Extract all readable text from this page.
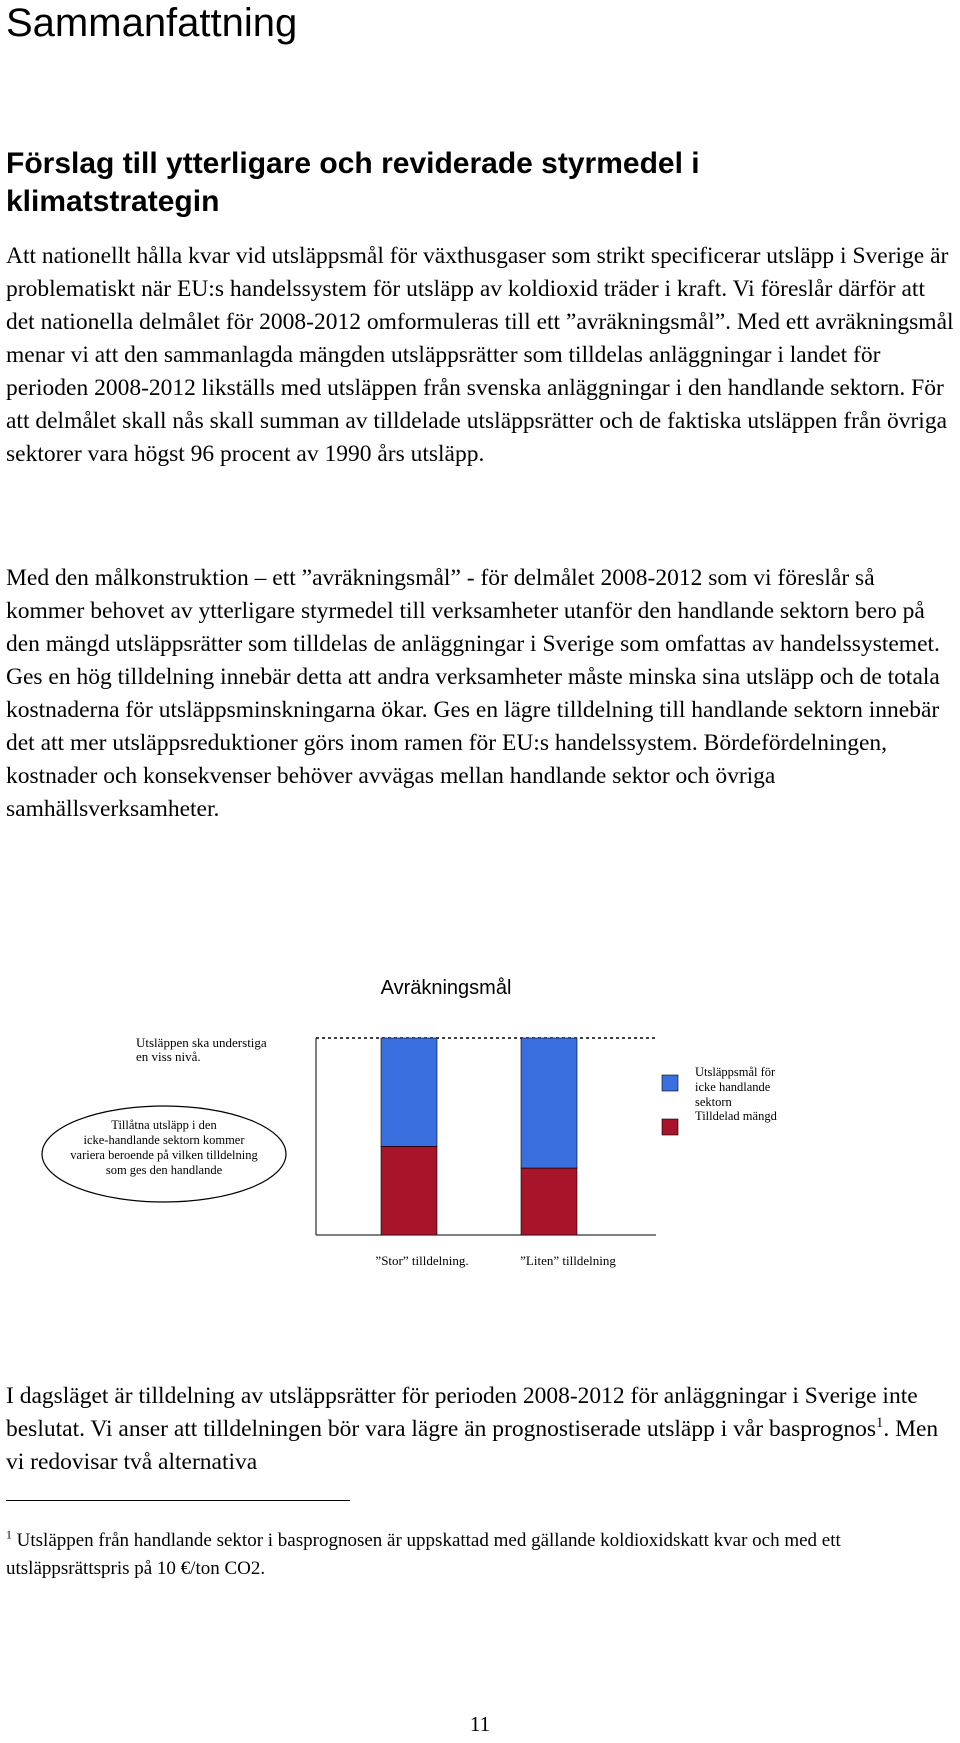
Sammanfattning
Förslag till ytterligare och reviderade styrmedel i klimatstrategin

Att nationellt hålla kvar vid utsläppsmål för växthusgaser som strikt specificerar utsläpp i Sverige är problematiskt när EU:s handelssystem för utsläpp av koldioxid träder i kraft. Vi föreslår därför att det nationella delmålet för 2008-2012 omformuleras till ett ”avräkningsmål”. Med ett avräkningsmål menar vi att den sammanlagda mängden utsläppsrätter som tilldelas anläggningar i landet för perioden 2008-2012 likställs med utsläppen från svenska anläggningar i den handlande sektorn. För att delmålet skall nås skall summan av tilldelade utsläppsrätter och de faktiska utsläppen från övriga sektorer vara högst 96 procent av 1990 års utsläpp.

Med den målkonstruktion – ett ”avräkningsmål” - för delmålet 2008-2012 som vi föreslår så kommer behovet av ytterligare styrmedel till verksamheter utanför den handlande sektorn bero på den mängd utsläppsrätter som tilldelas de anläggningar i Sverige som omfattas av handelssystemet. Ges en hög tilldelning innebär detta att andra verksamheter måste minska sina utsläpp och de totala kostnaderna för utsläppsminskningarna ökar. Ges en lägre tilldelning till handlande sektorn innebär det att mer utsläppsreduktioner görs inom ramen för EU:s handelssystem. Bördefördelningen, kostnader och konsekvenser behöver avvägas mellan handlande sektor och övriga samhällsverksamheter.

Avräkningsmål
Utsläppen ska understiga
en viss nivå.
Tillåtna utsläpp i den
icke-handlande sektorn kommer
variera beroende på vilken tilldelning
som ges den handlande
”Stor” tilldelning.	”Liten” tilldelning
Utsläppsmål för
icke handlande
sektorn
Tilldelad mängd

I dagsläget är tilldelning av utsläppsrätter för perioden 2008-2012 för anläggningar i Sverige inte beslutat. Vi anser att tilldelningen bör vara lägre än prognostiserade utsläpp i vår basprognos$^1$. Men vi redovisar två alternativa

$^1$ Utsläppen från handlande sektor i basprognosen är uppskattad med gällande koldioxidskatt kvar och med ett utsläppsrättspris på 10 €/ton CO2.

11
